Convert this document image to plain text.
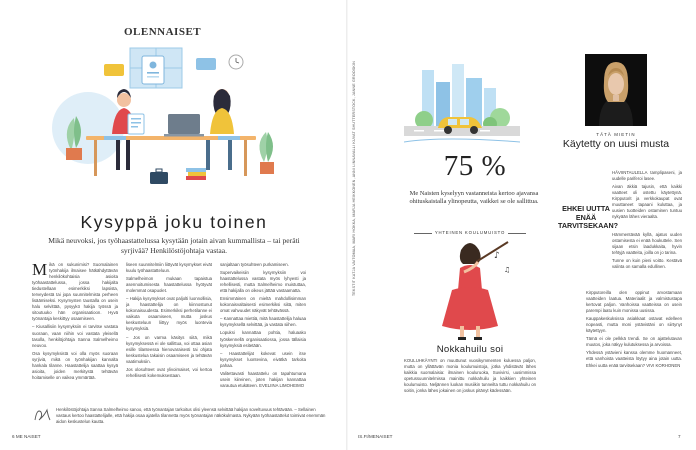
OLENNAISET
Kysyppä joku toinen
Mikä neuvoksi, jos työhaastattelussa kysytään jotain aivan kummallista – tai peräti syrjivää? Henkilöstöjohtaja vastaa.
M ikä on sukunimisi? Suomalainen työnhakija ilmaisee hätkähdyttävän henkilökohtaisia asioita työhaastattelussa, jossa hakijalta tiedustellaan esimerkiksi lapsista, terveydestä tai jopa suunnitelmista perheen lisäämiseksi. Kysymysten taustalla on usein halu selvittää, pysyykö hakija työssä ja sitoutuuko hän organisaatioon. Hyvä työnantaja keskittyy osaamiseen.

– Kiusallisiin kysymyksiin ei tarvitse vastata suoraan, vaan niihin voi vastata yleisellä tasolla, henkilöjohtaja Sanna Salmelheimo neuvoo.

Osa kysymyksistä voi olla myös suoraan syrjiviä, mikä on työnhakijan kannalta hankala tilanne. Haastattelija saattaa kysyä asioita, joiden merkitystä tehtävän hoitamiselle on vaikea ymmärtää.

liseen suunnitelmiin liittyvät kysymykset eivät kuulu työhaastatteluun.

Salmelheimon mukaan tapaistua asennoitumisesta haastattelussa hyötyvät molemmat osapuolet.

– Hakija kysymykset ovat paljolti luonnollisia, ja haastattelija on kiinnostunut kokonaisuudesta. Esimerkiksi perhetilanne ei vaikuta osaamiseen, mutta joskus keskusteluun liittyy myös luontevia kysymyksiä.

– Jos on varma käsitys siitä, mikä kysymyksessä ei ole sallittua, voi ottaa asian esille tilanteessa hienovaraisesti tai ohjata keskustelua takaisin osaamiseen ja tehtävän vaatimuksiin.

Jos olosuhteet ovat ylivoimaiset, voi kertoa rehellisesti kokemuksestaan.

sanjaltaan työsuhteen purkamiseen.

Supervaikeisiin kysymyksiin voi haastattelussa vastata myös lyhyesti ja rehellisesti, mutta Salmelheimo muistuttaa, että hakijalla on oikeus jättää vastaamatta.

Ensimmäinen on mieltä mahdollisimman kokonaisvaltaisesti esimerkiksi siitä, miten omat vahvuudet näkyvät tehtävässä.

– Kannattaa miettiä, mitä haastattelija haluaa kysymyksellä selvittää, ja vastata siihen.

Lopuksi kannattaa pohtia, haluaako työskennellä organisaatiossa, jossa tällaisia kysymyksiä esitetään.

– Haastattelijat kokevat usein itse kysymykset luontevina, eivätkä tarkoita pahaa.

Valitettavasti haastattelu on tapahtumana usein kiireinen, joten hakijan kannattaa varautua etukäteen. EVELIINA LIMOHEIMO

Henkilöstöjohtaja Sanna Salmelheimo sanoo, että työnantajan tarkoitus olisi yleensä selvittää hakijan soveltuvuus tehtävään. – Sellainen vastaus kertoo haastattelijalle, että hakija osaa ajatella tilannetta myös työnantajan näkökulmasta. Nykyään työhaastattelut toimivat enemmän aidon keskustelun kautta.
6 ME NAISET	IS.FI/MENAISET	7
TEKSTIT KATJA VAITOMAA, MARI HOKKA, MARJA HEIKKONEN, ANNI LINNAVALLI KUVAT SHUTTERSTOCK, JANNE GROOSKIN	75 %
Me Naisten kyselyyn vastanneista kertoo ajavansa ohituskaistalla ylinopeutta, vaikkei se ole sallittua.
YHTEINEN KOULUMUISTO
♪
♫
Nokkahuilu soi
KOULUHKÄYNTI on muuttunut vuosikymmenten kuluessa paljon, mutta on yllättävän monia koulumuistoja, jotka yhdistävät lähes kaikkia suomalaisia: ilmainen kouluruoka, Suvivirsi, uusimmissa opetussuunnitelmissa mainittu nokkahuilu ja kaikkien yhteinen koulumuisto. Neljännen luokan musiikin tunneilta tuttu nokkahuilu on soitin, jonka lähes jokainen on joskus pitänyt kädessään.
TÄTÄ MIETIN
Käytetty on uusi musta

HÄVIINTAULELLA tamplipaseni, ja uudelle pariferoi lasee.

Aivan äkkiä tajusin, että kaikki vaatteet oli ostettu käytettynä. Kirpputorit ja verkkokaupat ovat muuttaneet tapaani kuluttaa, ja uusien tuotteiden ostaminen tuntuu nykyään lähes vieraalta.

EHKEI UUTTA ENÄÄ TARVITSEKAAN?

Hämmentävää kyllä, ajatus uuden ostamisesta ei enää houkuttele. Sen sijaan etsin laadukkaita, hyvin tehtyjä vaatteita, joilla on jo tarina.

Tunne on kuin pieni voitto. Kestävä valinta on samalla edullinen.

Kirpputoreilla olen oppinut arvostamaan vaatteiden laatua. Materiaalit ja valmistustapa kertovat paljon. Vanhoissa vaatteissa on usein parempi laatu kuin monissa uusissa.

Kauppakeskuksissa asiakkaat ostavat edelleen nopeasti, mutta moni ystävistäni on siirtynyt käytettyyn.

Tämä ei ole pelkkä trendi. Se on ajattelutavan muutos, joka näkyy kulutuksessa ja arvoissa.

Yhdessä ystävieni kanssa olemme huomanneet, että vanhoista vaatteista löytyy aina jotain uutta. Ehkei uutta enää tarvitsekaan? VIVI KORHONEN
